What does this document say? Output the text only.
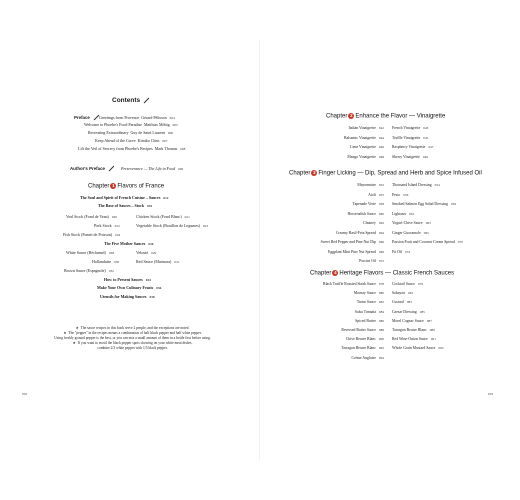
Contents
Preface	Greetings from Provence Gérard Pélisson 004
Welcome to Phoebe's Food Paradise Matthias Möbig 005
Recreating Extraordinary Guy de Saint Laurent 006
Keep Ahead of the Curve Kimiko Chen 007
Lift the Veil of Secrecy from Phoebe's Recipes Mark Thomas 008
Author's Preface	Perseverance — The Life in Food 009
Chapter 1 Flavors of France
The Soul and Spirit of French Cuisine – Sauces 012
The Base of Sauces – Stock 016
Veal Stock (Fond de Veau) 020
Pork Stock 022
Fish Stock (Fumet de Poisson) 024
Chicken Stock (Fond Blanc) 021
Vegetable Stock (Bouillon de Legumes) 023
The Five Mother Sauces 026
White Sauce (Béchamel) 028
Hollandaise 030
Brown Sauce (Espagnole) 032
Velouté 029
Red Sauce (Marinara) 031
How to Present Sauces 034
Make Your Own Culinary Feasts 036
Utensils for Making Sauces 038
★ The sauce recipes in this book serve 2 people, and the exceptions are noted.
★ The "pepper" in the recipes means a combination of half black pepper and half white pepper.
Using freshly ground pepper is the best, or you can mix a small amount of them in a bottle first before using.
★ If you want to avoid the black pepper spots showing on your white meat dishes,
combine 2/3 white pepper with 1/3 black pepper.
002
Chapter 2 Enhance the Flavor — Vinaigrette
Italian Vinaigrette 042
Balsamic Vinaigrette 044
Lime Vinaigrette 046
Mango Vinaigrette 048
French Vinaigrette 043
Truffle Vinaigrette 045
Raspberry Vinaigrette 047
Sherry Vinaigrette 049
Chapter 3 Finger Licking — Dip, Spread and Herb and Spice Infused Oil
Mayonnaise 052
Aioli 055
Tapenade Verte 058
Horseradish Sauce 060
Chutney 062
Creamy Basil-Feta Spread 064
Sweet Red Pepper and Pine Nut Dip 066
Eggplant Mint Pine Nut Spread 069
Porcini Oil 072
Thousand Island Dressing 054
Pesto 056
Smoked Salmon Egg Salad Dressing 059
Lightaser 061
Yogurt-Chive Sauce 063
Ginger Guacamole 065
Passion Fruit and Coconut Cream Spread 070
Fit Oil 074
Chapter 4 Heritage Flavors — Classic French Sauces
Black Truffle Roasted Steak Sauce 078
Mornay Sauce 080
Tartar Sauce 082
Salsa Tonnata 084
Spiced Butter 086
Reversed Butter Sauce 088
Chive Beurre Blanc 090
Tarragon Beurre Blanc 092
Crème Anglaise 094
Cocktail Sauce 079
Sabayon 081
Custard 083
Caesar Dressing 085
Morel Cognac Sauce 087
Tarragon Beurre Blanc 089
Red Wine-Onion Sauce 091
Whole Grain Mustard Sauce 093
003
